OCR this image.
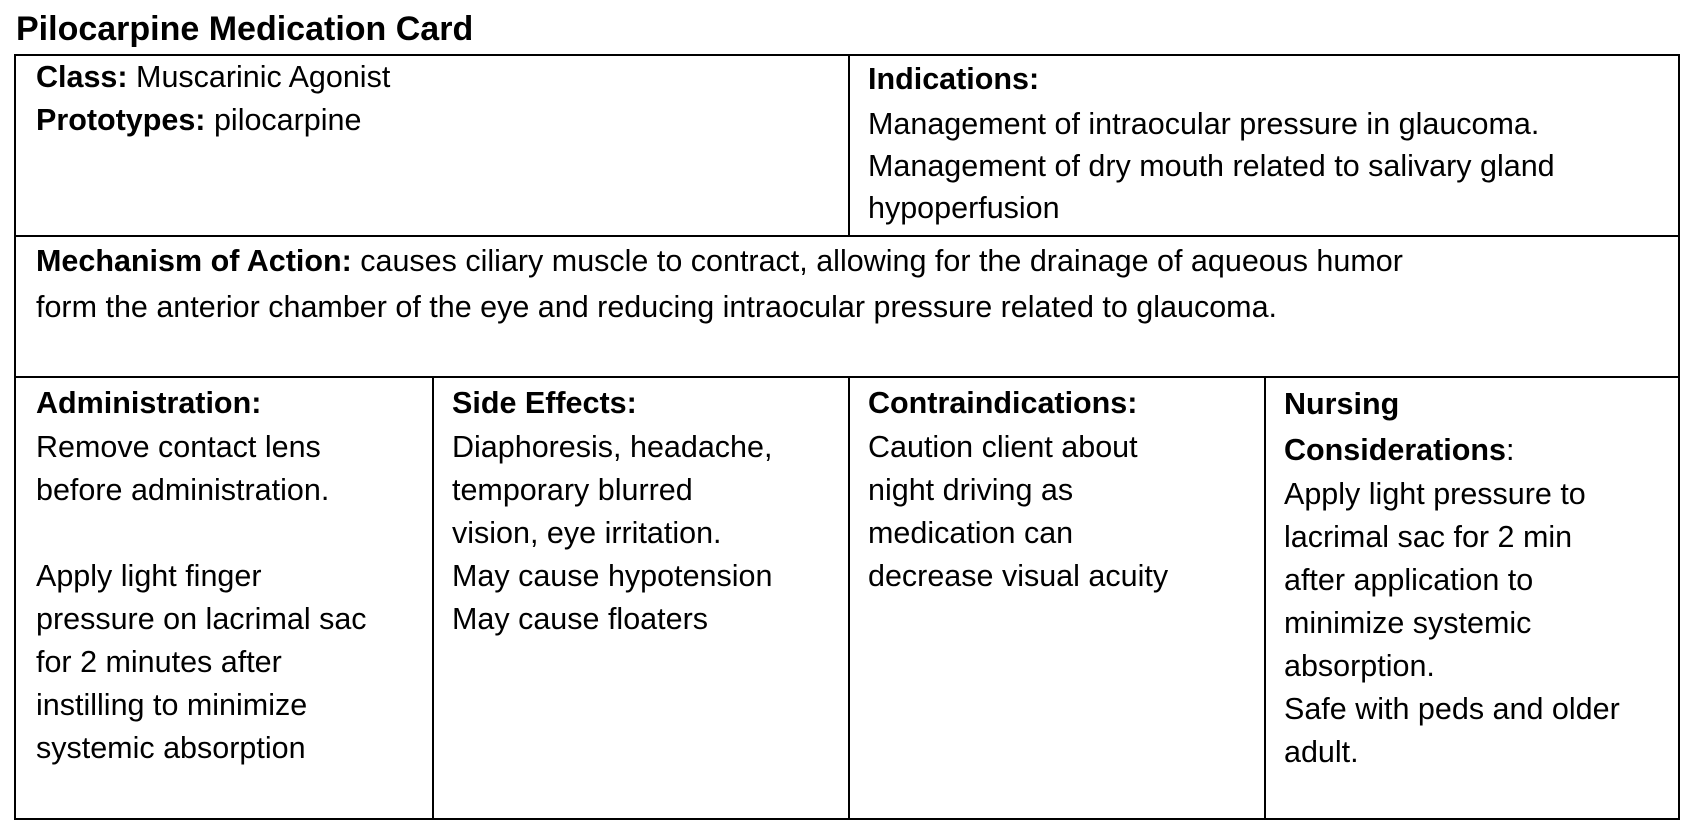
Pilocarpine Medication Card
Class: Muscarinic Agonist
Prototypes: pilocarpine
Indications:
Management of intraocular pressure in glaucoma.
Management of dry mouth related to salivary gland
hypoperfusion
Mechanism of Action: causes ciliary muscle to contract, allowing for the drainage of aqueous humor
form the anterior chamber of the eye and reducing intraocular pressure related to glaucoma.
Administration:
Remove contact lens
before administration.
Apply light finger
pressure on lacrimal sac
for 2 minutes after
instilling to minimize
systemic absorption
Side Effects:
Diaphoresis, headache,
temporary blurred
vision, eye irritation.
May cause hypotension
May cause floaters
Contraindications:
Caution client about
night driving as
medication can
decrease visual acuity
Nursing
Considerations:
Apply light pressure to
lacrimal sac for 2 min
after application to
minimize systemic
absorption.
Safe with peds and older
adult.
